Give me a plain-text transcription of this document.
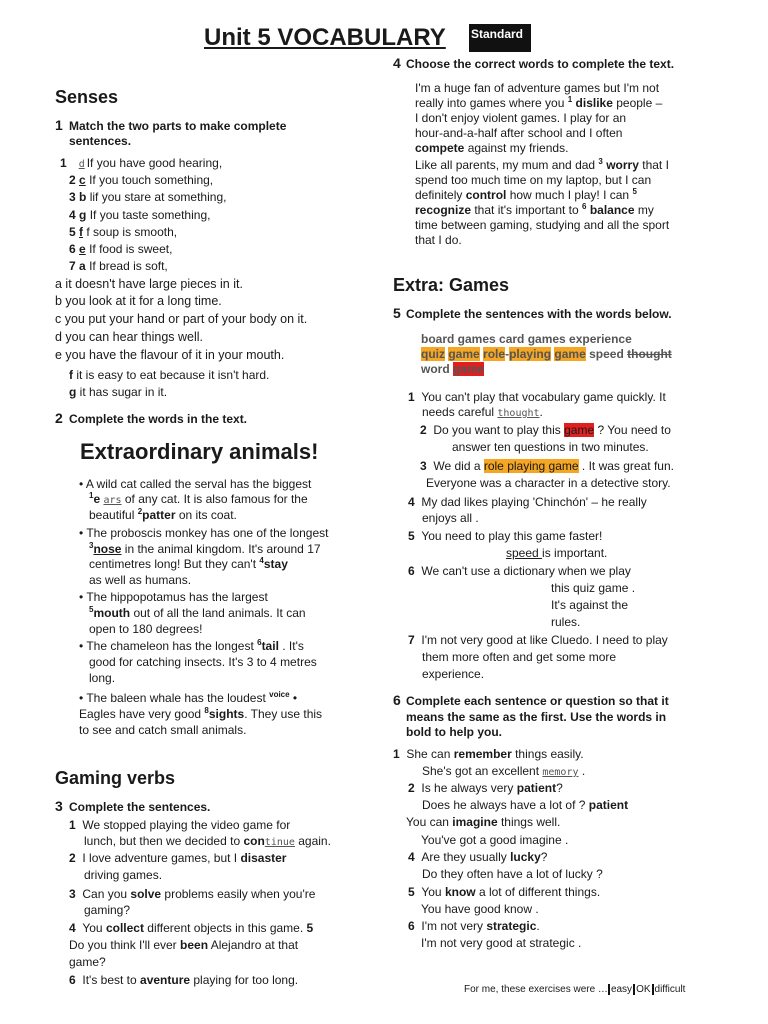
Unit 5 VOCABULARY Standard
Senses
1 Match the two parts to make complete sentences.
1 d If you have good hearing,
2 c If you touch something,
3 b lif you stare at something,
4 g If you taste something,
5 f f soup is smooth,
6 e If food is sweet,
7 a If bread is soft,
a it doesn't have large pieces in it.
b you look at it for a long time.
c you put your hand or part of your body on it.
d you can hear things well.
e you have the flavour of it in your mouth.
f it is easy to eat because it isn't hard.
g it has sugar in it.
2 Complete the words in the text.
Extraordinary animals!
• A wild cat called the serval has the biggest
$^1$e ars of any cat. It is also famous for the
beautiful $^2$patter on its coat.
• The proboscis monkey has one of the longest
$^3$nose in the animal kingdom. It's around 17
centimetres long! But they can't $^4$stay
as well as humans.
• The hippopotamus has the largest
$^5$mouth out of all the land animals. It can
open to 180 degrees!
• The chameleon has the longest $^6$tail . It's
good for catching insects. It's 3 to 4 metres
long.
• The baleen whale has the loudest $^{voice}$ •
Eagles have very good $^8$sights. They use this
to see and catch small animals.
Gaming verbs
3 Complete the sentences.
1 We stopped playing the video game for
lunch, but then we decided to continue again.
2 I love adventure games, but I disaster
driving games.
3 Can you solve problems easily when you're
gaming?
4 You collect different objects in this game. 5
Do you think I'll ever been Alejandro at that
game?
6 It's best to aventure playing for too long.
4 Choose the correct words to complete the text.
I'm a huge fan of adventure games but I'm not
really into games where you $^1$ dislike people –
I don't enjoy violent games. I play for an
hour-and-a-half after school and I often
compete against my friends.
Like all parents, my mum and dad $^3$ worry that I
spend too much time on my laptop, but I can
definitely control how much I play! I can $^5$
recognize that it's important to $^6$ balance my
time between gaming, studying and all the sport
that I do.
Extra: Games
5 Complete the sentences with the words below.
board games card games experience
quiz game role-playing game speed thought
word game
1 You can't play that vocabulary game quickly. It
needs careful thought.
2 Do you want to play this game ? You need to
answer ten questions in two minutes.
3 We did a role playing game . It was great fun.
Everyone was a character in a detective story.
4 My dad likes playing 'Chinchón' – he really
enjoys all .
5 You need to play this game faster!
speed is important.
6 We can't use a dictionary when we play
this quiz game .
It's against the
rules.
7 I'm not very good at like Cluedo. I need to play
them more often and get some more
experience.
6 Complete each sentence or question so that it
means the same as the first. Use the words in
bold to help you.
1 She can remember things easily.
She's got an excellent memory .
2 Is he always very patient?
Does he always have a lot of ? patient
You can imagine things well.
You've got a good imagine .
4 Are they usually lucky?
Do they often have a lot of lucky ?
5 You know a lot of different things.
You have good know .
6 I'm not very strategic.
I'm not very good at strategic .
For me, these exercises were … easy OK difficult
